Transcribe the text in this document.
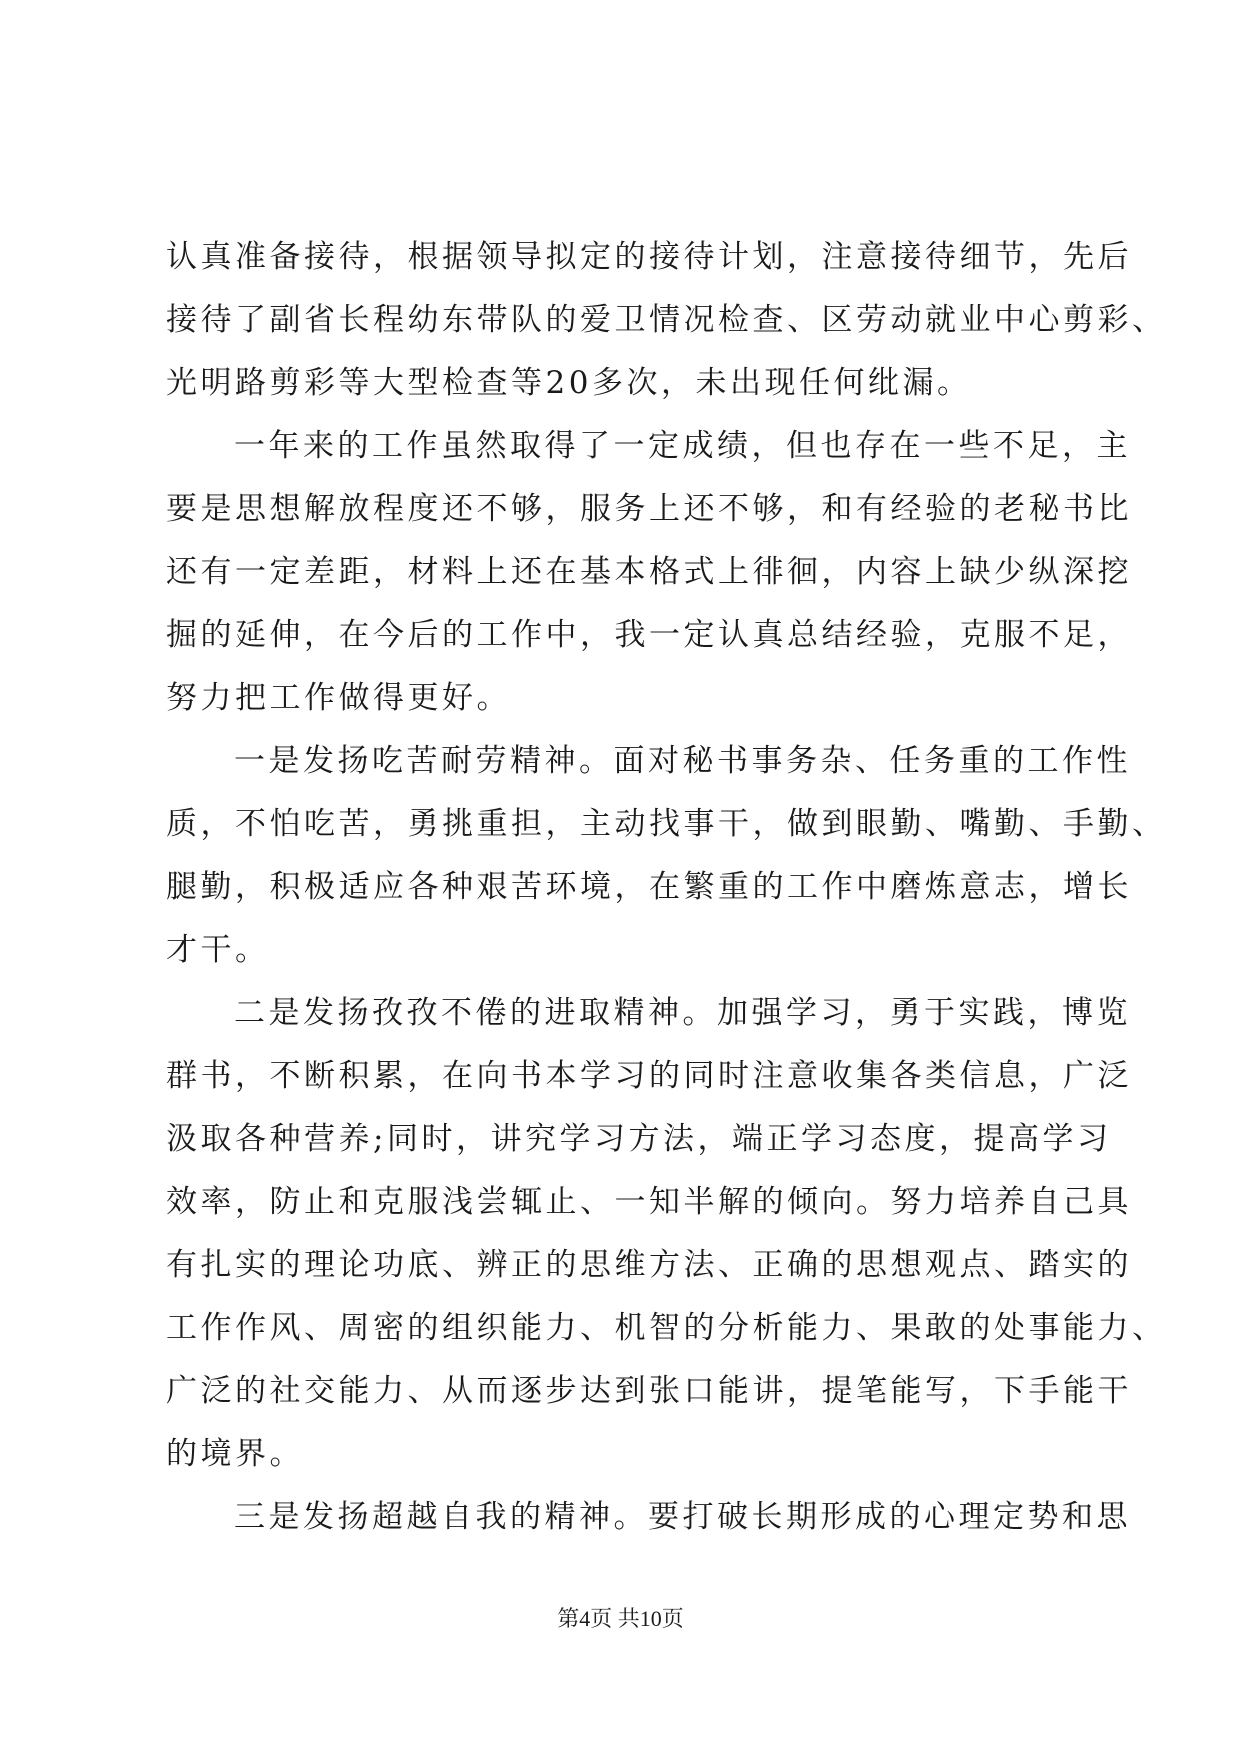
认真准备接待，根据领导拟定的接待计划，注意接待细节，先后
接待了副省长程幼东带队的爱卫情况检查、区劳动就业中心剪彩、
光明路剪彩等大型检查等20多次，未出现任何纰漏。
一年来的工作虽然取得了一定成绩，但也存在一些不足，主
要是思想解放程度还不够，服务上还不够，和有经验的老秘书比
还有一定差距，材料上还在基本格式上徘徊，内容上缺少纵深挖
掘的延伸，在今后的工作中，我一定认真总结经验，克服不足，
努力把工作做得更好。
一是发扬吃苦耐劳精神。面对秘书事务杂、任务重的工作性
质，不怕吃苦，勇挑重担，主动找事干，做到眼勤、嘴勤、手勤、
腿勤，积极适应各种艰苦环境，在繁重的工作中磨炼意志，增长
才干。
二是发扬孜孜不倦的进取精神。加强学习，勇于实践，博览
群书，不断积累，在向书本学习的同时注意收集各类信息，广泛
汲取各种营养;同时，讲究学习方法，端正学习态度，提高学习
效率，防止和克服浅尝辄止、一知半解的倾向。努力培养自己具
有扎实的理论功底、辨正的思维方法、正确的思想观点、踏实的
工作作风、周密的组织能力、机智的分析能力、果敢的处事能力、
广泛的社交能力、从而逐步达到张口能讲，提笔能写，下手能干
的境界。
三是发扬超越自我的精神。要打破长期形成的心理定势和思
第4页 共10页
